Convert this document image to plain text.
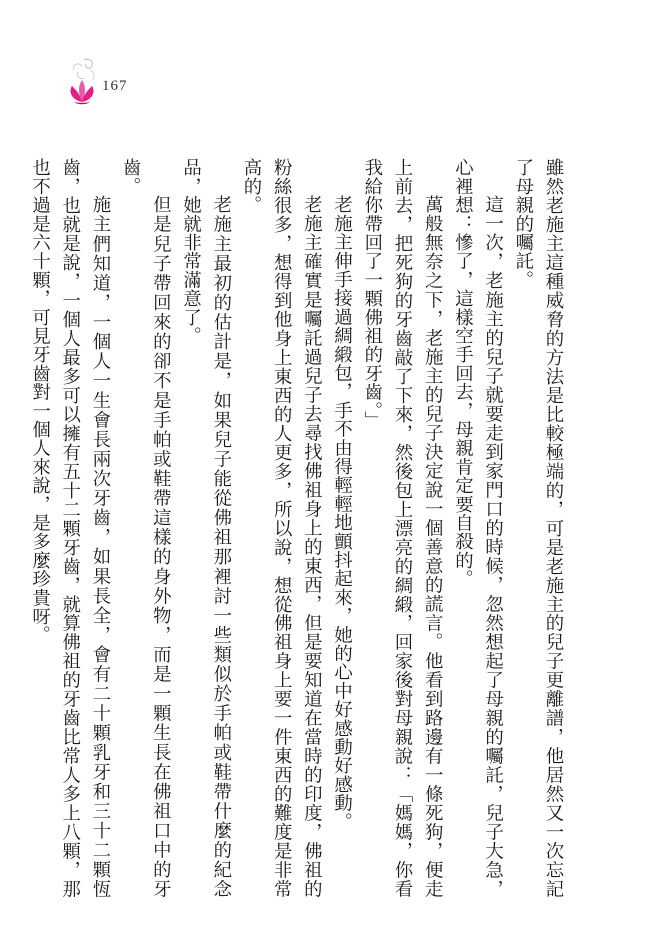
167

雖然老施主這種威脅的方法是比較極端的，可是老施主的兒子更離譜，他居然又一次忘記了母親的囑託。

這一次，老施主的兒子就要走到家門口的時候，忽然想起了母親的囑託，兒子大急，心裡想：慘了，這樣空手回去，母親肯定要自殺的。

萬般無奈之下，老施主的兒子決定說一個善意的謊言。他看到路邊有一條死狗，便走上前去，把死狗的牙齒敲了下來，然後包上漂亮的綢緞，回家後對母親說：「媽媽，你看我給你帶回了一顆佛祖的牙齒。」

老施主伸手接過綢緞包，手不由得輕輕地顫抖起來，她的心中好感動好感動。

老施主確實是囑託過兒子去尋找佛祖身上的東西，但是要知道在當時的印度，佛祖的粉絲很多，想得到他身上東西的人更多，所以說，想從佛祖身上要一件東西的難度是非常高的。

老施主最初的估計是，如果兒子能從佛祖那裡討一些類似於手帕或鞋帶什麼的紀念品，她就非常滿意了。

但是兒子帶回來的卻不是手帕或鞋帶這樣的身外物，而是一顆生長在佛祖口中的牙齒。

施主們知道，一個人一生會長兩次牙齒，如果長全，會有二十顆乳牙和三十二顆恆齒，也就是說，一個人最多可以擁有五十二顆牙齒，就算佛祖的牙齒比常人多上八顆，那也不過是六十顆，可見牙齒對一個人來說，是多麼珍貴呀。
